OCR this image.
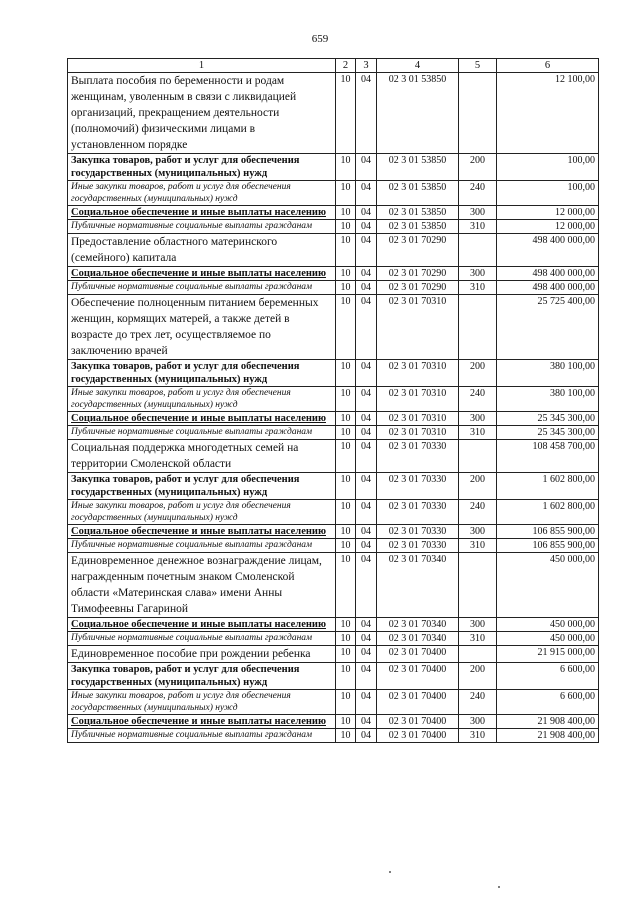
659
1	2	3	4	5	6
Выплата пособия по беременности и родам женщинам, уволенным в связи с ликвидацией организаций, прекращением деятельности (полномочий) физическими лицами в установленном порядке	10	04	02 3 01 53850		12 100,00
Закупка товаров, работ и услуг для обеспечения государственных (муниципальных) нужд	10	04	02 3 01 53850	200	100,00
Иные закупки товаров, работ и услуг для обеспечения государственных (муниципальных) нужд	10	04	02 3 01 53850	240	100,00
Социальное обеспечение и иные выплаты населению	10	04	02 3 01 53850	300	12 000,00
Публичные нормативные социальные выплаты гражданам	10	04	02 3 01 53850	310	12 000,00
Предоставление областного материнского (семейного) капитала	10	04	02 3 01 70290		498 400 000,00
Социальное обеспечение и иные выплаты населению	10	04	02 3 01 70290	300	498 400 000,00
Публичные нормативные социальные выплаты гражданам	10	04	02 3 01 70290	310	498 400 000,00
Обеспечение полноценным питанием беременных женщин, кормящих матерей, а также детей в возрасте до трех лет, осуществляемое по заключению врачей	10	04	02 3 01 70310		25 725 400,00
Закупка товаров, работ и услуг для обеспечения государственных (муниципальных) нужд	10	04	02 3 01 70310	200	380 100,00
Иные закупки товаров, работ и услуг для обеспечения государственных (муниципальных) нужд	10	04	02 3 01 70310	240	380 100,00
Социальное обеспечение и иные выплаты населению	10	04	02 3 01 70310	300	25 345 300,00
Публичные нормативные социальные выплаты гражданам	10	04	02 3 01 70310	310	25 345 300,00
Социальная поддержка многодетных семей на территории Смоленской области	10	04	02 3 01 70330		108 458 700,00
Закупка товаров, работ и услуг для обеспечения государственных (муниципальных) нужд	10	04	02 3 01 70330	200	1 602 800,00
Иные закупки товаров, работ и услуг для обеспечения государственных (муниципальных) нужд	10	04	02 3 01 70330	240	1 602 800,00
Социальное обеспечение и иные выплаты населению	10	04	02 3 01 70330	300	106 855 900,00
Публичные нормативные социальные выплаты гражданам	10	04	02 3 01 70330	310	106 855 900,00
Единовременное денежное вознаграждение лицам, награжденным почетным знаком Смоленской области «Материнская слава» имени Анны Тимофеевны Гагариной	10	04	02 3 01 70340		450 000,00
Социальное обеспечение и иные выплаты населению	10	04	02 3 01 70340	300	450 000,00
Публичные нормативные социальные выплаты гражданам	10	04	02 3 01 70340	310	450 000,00
Единовременное пособие при рождении ребенка	10	04	02 3 01 70400		21 915 000,00
Закупка товаров, работ и услуг для обеспечения государственных (муниципальных) нужд	10	04	02 3 01 70400	200	6 600,00
Иные закупки товаров, работ и услуг для обеспечения государственных (муниципальных) нужд	10	04	02 3 01 70400	240	6 600,00
Социальное обеспечение и иные выплаты населению	10	04	02 3 01 70400	300	21 908 400,00
Публичные нормативные социальные выплаты гражданам	10	04	02 3 01 70400	310	21 908 400,00
